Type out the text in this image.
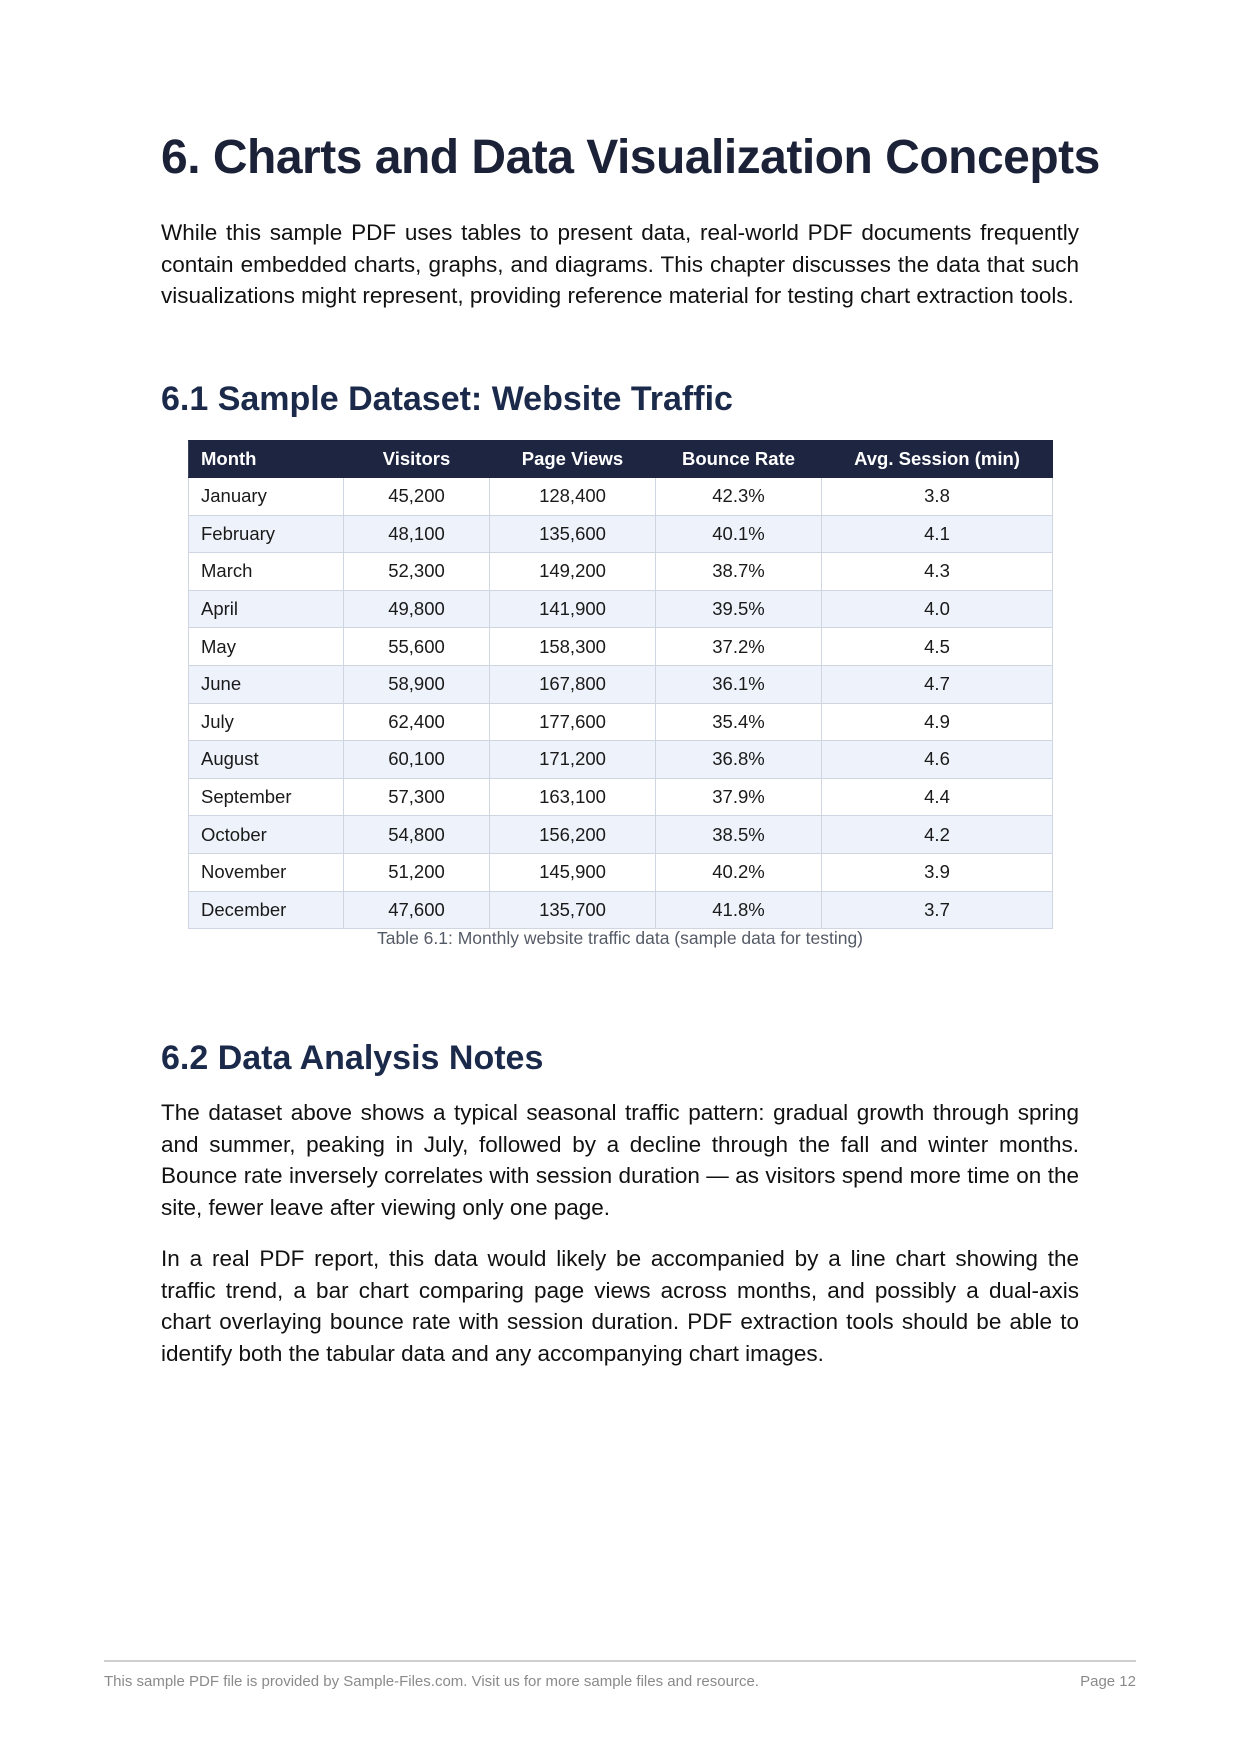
6. Charts and Data Visualization Concepts

While this sample PDF uses tables to present data, real-world PDF documents frequently contain embedded charts, graphs, and diagrams. This chapter discusses the data that such visualizations might represent, providing reference material for testing chart extraction tools.

6.1 Sample Dataset: Website Traffic
Month	Visitors	Page Views	Bounce Rate	Avg. Session (min)
January	45,200	128,400	42.3%	3.8
February	48,100	135,600	40.1%	4.1
March	52,300	149,200	38.7%	4.3
April	49,800	141,900	39.5%	4.0
May	55,600	158,300	37.2%	4.5
June	58,900	167,800	36.1%	4.7
July	62,400	177,600	35.4%	4.9
August	60,100	171,200	36.8%	4.6
September	57,300	163,100	37.9%	4.4
October	54,800	156,200	38.5%	4.2
November	51,200	145,900	40.2%	3.9
December	47,600	135,700	41.8%	3.7
Table 6.1: Monthly website traffic data (sample data for testing)
6.2 Data Analysis Notes

The dataset above shows a typical seasonal traffic pattern: gradual growth through spring and summer, peaking in July, followed by a decline through the fall and winter months. Bounce rate inversely correlates with session duration — as visitors spend more time on the site, fewer leave after viewing only one page.

In a real PDF report, this data would likely be accompanied by a line chart showing the traffic trend, a bar chart comparing page views across months, and possibly a dual-axis chart overlaying bounce rate with session duration. PDF extraction tools should be able to identify both the tabular data and any accompanying chart images.

This sample PDF file is provided by Sample-Files.com. Visit us for more sample files and resource.	Page 12
